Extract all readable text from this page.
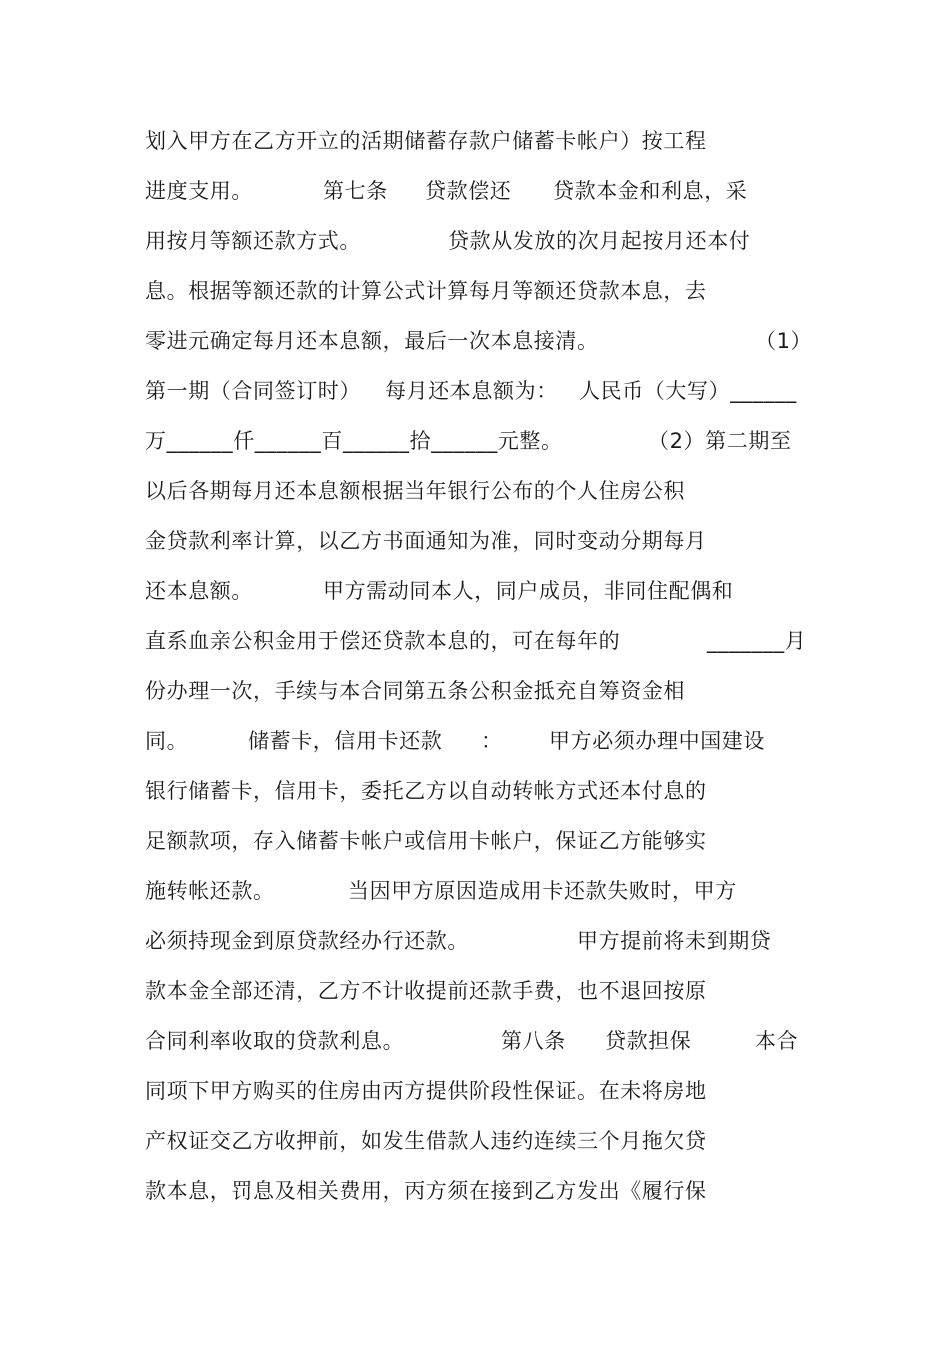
划入甲方在乙方开立的活期储蓄存款户储蓄卡帐户）按工程
进度支用。	第七条 贷款偿还 贷款本金和利息，采
用按月等额还款方式。	贷款从发放的次月起按月还本付
息。根据等额还款的计算公式计算每月等额还贷款本息，去
零进元确定每月还本息额，最后一次本息接清。	（1）
第一期（合同签订时） 每月还本息额为： 人民币（大写）______
万______仟______百______拾______元整。	（2）第二期至
以后各期每月还本息额根据当年银行公布的个人住房公积
金贷款利率计算，以乙方书面通知为准，同时变动分期每月
还本息额。	甲方需动同本人，同户成员，非同住配偶和
直系血亲公积金用于偿还贷款本息的，可在每年的	_______月
份办理一次，手续与本合同第五条公积金抵充自筹资金相
同。	储蓄卡，信用卡还款 ： 甲方必须办理中国建设
银行储蓄卡，信用卡，委托乙方以自动转帐方式还本付息的
足额款项，存入储蓄卡帐户或信用卡帐户，保证乙方能够实
施转帐还款。	当因甲方原因造成用卡还款失败时，甲方
必须持现金到原贷款经办行还款。	甲方提前将未到期贷
款本金全部还清，乙方不计收提前还款手费，也不退回按原
合同利率收取的贷款利息。	第八条 贷款担保	本合
同项下甲方购买的住房由丙方提供阶段性保证。在未将房地
产权证交乙方收押前，如发生借款人违约连续三个月拖欠贷
款本息，罚息及相关费用，丙方须在接到乙方发出《履行保
